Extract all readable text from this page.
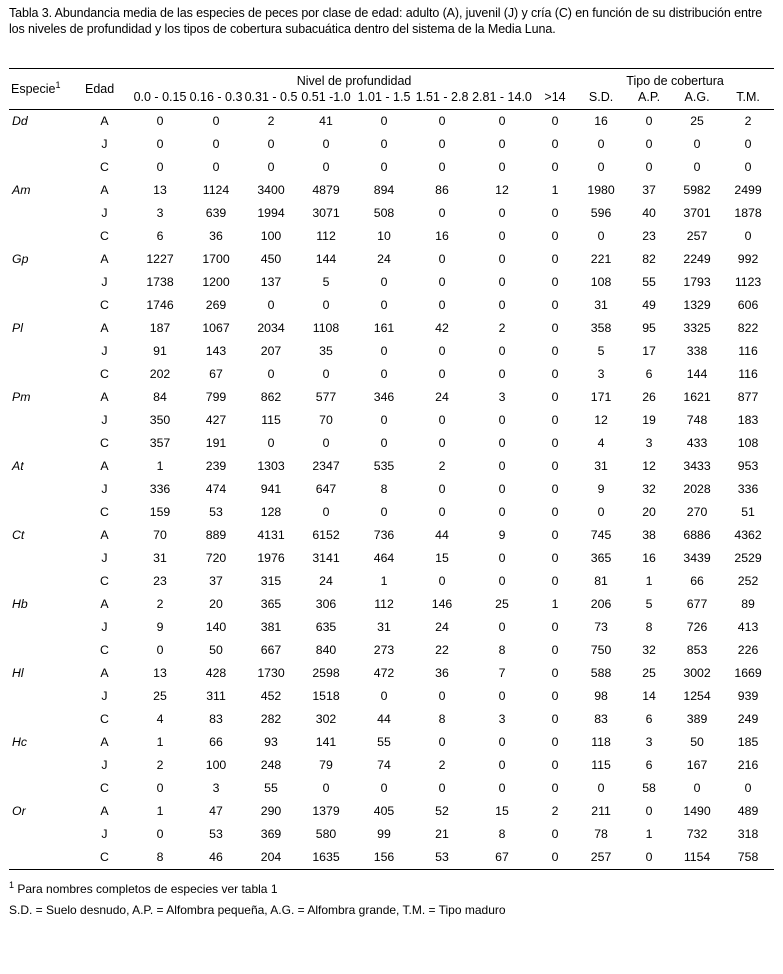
Tabla 3. Abundancia media de las especies de peces por clase de edad: adulto (A), juvenil (J) y cría (C) en función de su distribución entre los niveles de profundidad y los tipos de cobertura subacuática dentro del sistema de la Media Luna.

Especie$^1$	Edad	Nivel de profundidad								Tipo de cobertura			
		0.0 - 0.15	0.16 - 0.3	0.31 - 0.5	0.51 -1.0	1.01 - 1.5	1.51 - 2.8	2.81 - 14.0	>14	S.D.	A.P.	A.G.	T.M.
Dd	A	0	0	2	41	0	0	0	0	16	0	25	2
	J	0	0	0	0	0	0	0	0	0	0	0	0
	C	0	0	0	0	0	0	0	0	0	0	0	0
Am	A	13	1124	3400	4879	894	86	12	1	1980	37	5982	2499
	J	3	639	1994	3071	508	0	0	0	596	40	3701	1878
	C	6	36	100	112	10	16	0	0	0	23	257	0
Gp	A	1227	1700	450	144	24	0	0	0	221	82	2249	992
	J	1738	1200	137	5	0	0	0	0	108	55	1793	1123
	C	1746	269	0	0	0	0	0	0	31	49	1329	606
Pl	A	187	1067	2034	1108	161	42	2	0	358	95	3325	822
	J	91	143	207	35	0	0	0	0	5	17	338	116
	C	202	67	0	0	0	0	0	0	3	6	144	116
Pm	A	84	799	862	577	346	24	3	0	171	26	1621	877
	J	350	427	115	70	0	0	0	0	12	19	748	183
	C	357	191	0	0	0	0	0	0	4	3	433	108
At	A	1	239	1303	2347	535	2	0	0	31	12	3433	953
	J	336	474	941	647	8	0	0	0	9	32	2028	336
	C	159	53	128	0	0	0	0	0	0	20	270	51
Ct	A	70	889	4131	6152	736	44	9	0	745	38	6886	4362
	J	31	720	1976	3141	464	15	0	0	365	16	3439	2529
	C	23	37	315	24	1	0	0	0	81	1	66	252
Hb	A	2	20	365	306	112	146	25	1	206	5	677	89
	J	9	140	381	635	31	24	0	0	73	8	726	413
	C	0	50	667	840	273	22	8	0	750	32	853	226
Hl	A	13	428	1730	2598	472	36	7	0	588	25	3002	1669
	J	25	311	452	1518	0	0	0	0	98	14	1254	939
	C	4	83	282	302	44	8	3	0	83	6	389	249
Hc	A	1	66	93	141	55	0	0	0	118	3	50	185
	J	2	100	248	79	74	2	0	0	115	6	167	216
	C	0	3	55	0	0	0	0	0	0	58	0	0
Or	A	1	47	290	1379	405	52	15	2	211	0	1490	489
	J	0	53	369	580	99	21	8	0	78	1	732	318
	C	8	46	204	1635	156	53	67	0	257	0	1154	758

$^1$ Para nombres completos de especies ver tabla 1

S.D. = Suelo desnudo, A.P. = Alfombra pequeña, A.G. = Alfombra grande, T.M. = Tipo maduro
